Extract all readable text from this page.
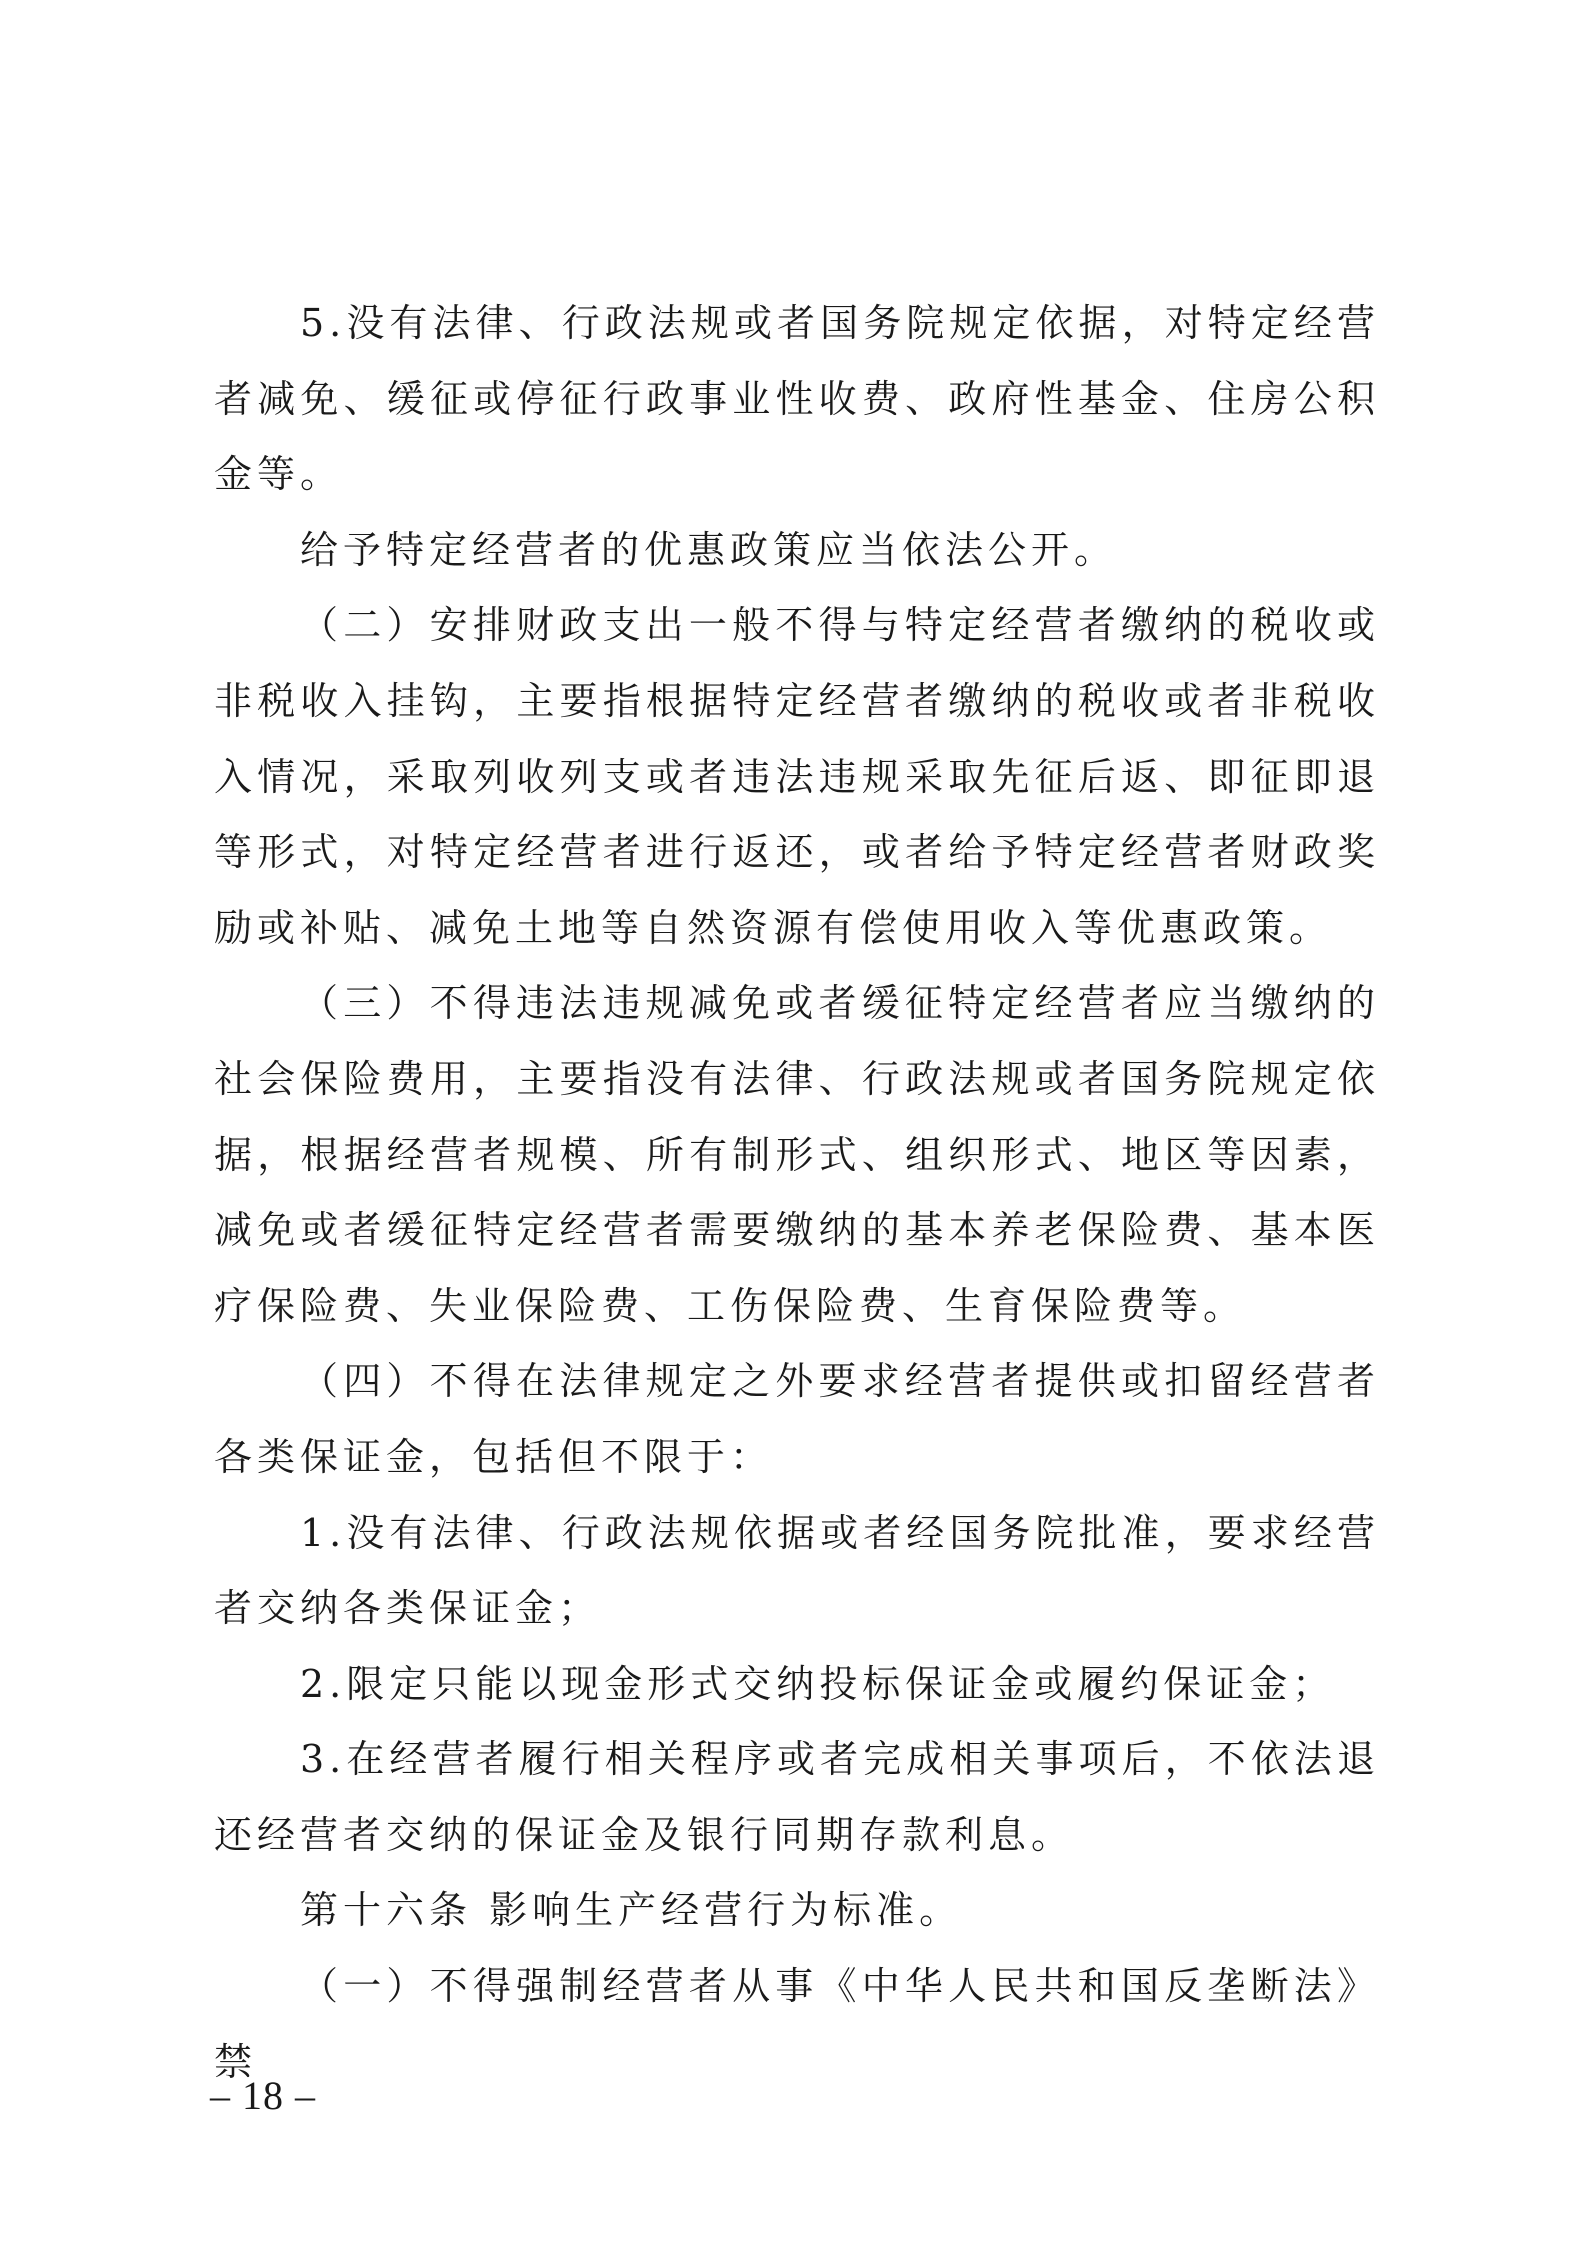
5.没有法律、行政法规或者国务院规定依据，对特定经营者减免、缓征或停征行政事业性收费、政府性基金、住房公积金等。

给予特定经营者的优惠政策应当依法公开。

（二）安排财政支出一般不得与特定经营者缴纳的税收或非税收入挂钩，主要指根据特定经营者缴纳的税收或者非税收入情况，采取列收列支或者违法违规采取先征后返、即征即退等形式，对特定经营者进行返还，或者给予特定经营者财政奖励或补贴、减免土地等自然资源有偿使用收入等优惠政策。

（三）不得违法违规减免或者缓征特定经营者应当缴纳的社会保险费用，主要指没有法律、行政法规或者国务院规定依据，根据经营者规模、所有制形式、组织形式、地区等因素，减免或者缓征特定经营者需要缴纳的基本养老保险费、基本医疗保险费、失业保险费、工伤保险费、生育保险费等。

（四）不得在法律规定之外要求经营者提供或扣留经营者各类保证金，包括但不限于：

1.没有法律、行政法规依据或者经国务院批准，要求经营者交纳各类保证金；

2.限定只能以现金形式交纳投标保证金或履约保证金；

3.在经营者履行相关程序或者完成相关事项后，不依法退还经营者交纳的保证金及银行同期存款利息。

第十六条 影响生产经营行为标准。

（一）不得强制经营者从事《中华人民共和国反垄断法》禁

– 18 –
